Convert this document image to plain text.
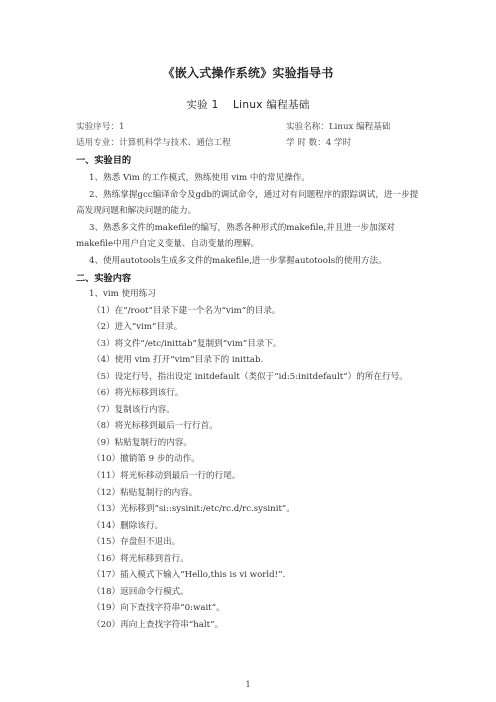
《嵌入式操作系统》实验指导书
实验 1　 Linux 编程基础
实验序号：1	实验名称：Linux 编程基础
适用专业：计算机科学与技术、通信工程	学 时 数：4 学时
一、实验目的
1、熟悉 Vim 的工作模式，熟练使用 vim 中的常见操作。
2、熟练掌握gcc编译命令及gdb的调试命令，通过对有问题程序的跟踪调试，进一步提
高发现问题和解决问题的能力。
3、熟悉多文件的makefile的编写，熟悉各种形式的makefile,并且进一步加深对
makefile中用户自定义变量、自动变量的理解。
4、使用autotools生成多文件的makefile,进一步掌握autotools的使用方法。
二、实验内容
1、vim 使用练习
（1）在“/root”目录下建一个名为“vim”的目录。
（2）进入“vim”目录。
（3）将文件“/etc/inittab”复制到“vim”目录下。
（4）使用 vim 打开“vim”目录下的 inittab.
（5）设定行号，指出设定 initdefault（类似于“id:5:initdefault”）的所在行号。
（6）将光标移到该行。
（7）复制该行内容。
（8）将光标移到最后一行行首。
（9）粘贴复制行的内容。
（10）撤销第 9 步的动作。
（11）将光标移动到最后一行的行尾。
（12）粘贴复制行的内容。
（13）光标移到“si::sysinit:/etc/rc.d/rc.sysinit”。
（14）删除该行。
（15）存盘但不退出。
（16）将光标移到首行。
（17）插入模式下输入“Hello,this is vi world!”.
（18）返回命令行模式。
（19）向下查找字符串“0:wait”。
（20）再向上查找字符串“halt”。
1
